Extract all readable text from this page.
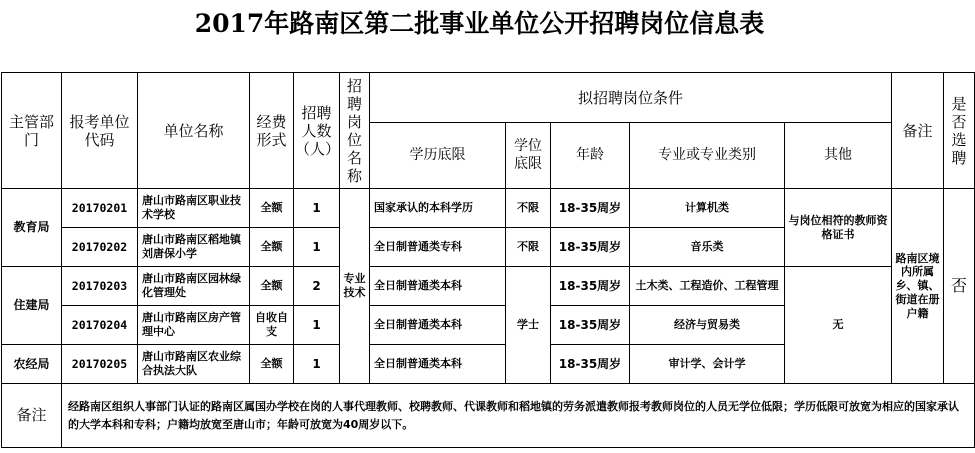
2017年路南区第二批事业单位公开招聘岗位信息表
主管部门	报考单位代码	单位名称	经费形式	招聘人数（人）	招聘岗位名称	拟招聘岗位条件					备注	是否选聘
						学历底限	学位底限	年龄	专业或专业类别	其他		
教育局	20170201	唐山市路南区职业技术学校	全额	1	专业技术	国家承认的本科学历	不限	18-35周岁	计算机类	与岗位相符的教师资格证书	路南区境内所属乡、镇、街道在册户籍	否
	20170202	唐山市路南区稻地镇刘唐保小学	全额	1		全日制普通类专科	不限	18-35周岁	音乐类			
住建局	20170203	唐山市路南区园林绿化管理处	全额	2		全日制普通类本科	学士	18-35周岁	土木类、工程造价、工程管理	无		
	20170204	唐山市路南区房产管理中心	自收自支	1		全日制普通类本科		18-35周岁	经济与贸易类			
农经局	20170205	唐山市路南区农业综合执法大队	全额	1		全日制普通类本科		18-35周岁	审计学、会计学			
备注	经路南区组织人事部门认证的路南区属国办学校在岗的人事代理教师、校聘教师、代课教师和稻地镇的劳务派遣教师报考教师岗位的人员无学位低限；学历低限可放宽为相应的国家承认的大学本科和专科；户籍均放宽至唐山市；年龄可放宽为40周岁以下。											
